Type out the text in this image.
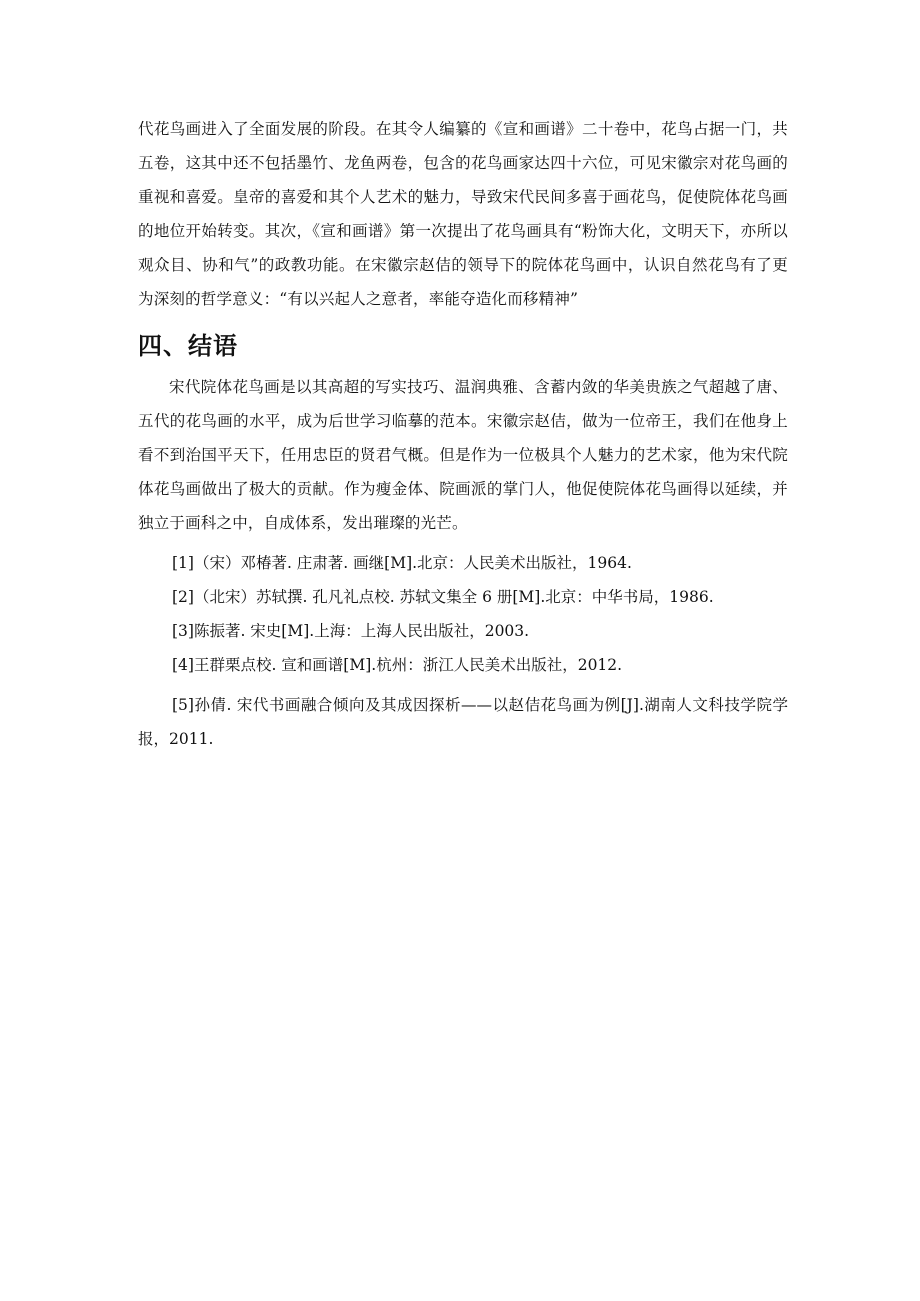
代花鸟画进入了全面发展的阶段。在其令人编纂的《宣和画谱》二十卷中，花鸟占据一门，共五卷，这其中还不包括墨竹、龙鱼两卷，包含的花鸟画家达四十六位，可见宋徽宗对花鸟画的重视和喜爱。皇帝的喜爱和其个人艺术的魅力，导致宋代民间多喜于画花鸟，促使院体花鸟画的地位开始转变。其次，《宣和画谱》第一次提出了花鸟画具有“粉饰大化，文明天下，亦所以观众目、协和气”的政教功能。在宋徽宗赵佶的领导下的院体花鸟画中，认识自然花鸟有了更为深刻的哲学意义：“有以兴起人之意者，率能夺造化而移精神”

四、结语

宋代院体花鸟画是以其高超的写实技巧、温润典雅、含蓄内敛的华美贵族之气超越了唐、五代的花鸟画的水平，成为后世学习临摹的范本。宋徽宗赵佶，做为一位帝王，我们在他身上看不到治国平天下，任用忠臣的贤君气概。但是作为一位极具个人魅力的艺术家，他为宋代院体花鸟画做出了极大的贡献。作为瘦金体、院画派的掌门人，他促使院体花鸟画得以延续，并独立于画科之中，自成体系，发出璀璨的光芒。

[1]（宋）邓椿著. 庄肃著. 画继[M].北京：人民美术出版社，1964.

[2]（北宋）苏轼撰. 孔凡礼点校. 苏轼文集全 6 册[M].北京：中华书局，1986.

[3]陈振著. 宋史[M].上海：上海人民出版社，2003.

[4]王群栗点校. 宣和画谱[M].杭州：浙江人民美术出版社，2012.

[5]孙倩. 宋代书画融合倾向及其成因探析——以赵佶花鸟画为例[J].湖南人文科技学院学报，2011.
